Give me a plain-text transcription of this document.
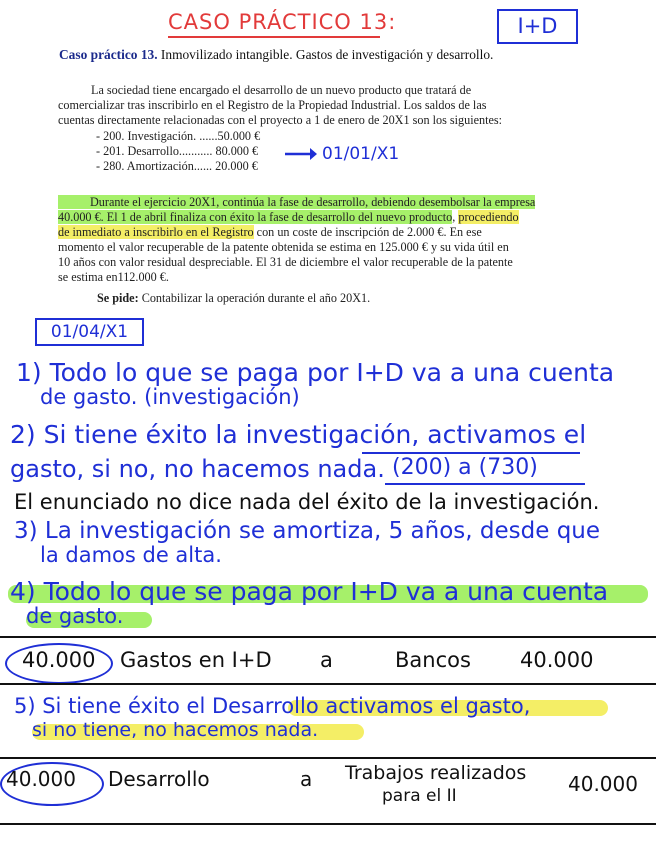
CASO PRÁCTICO 13:	I+D
Caso práctico 13. Inmovilizado intangible. Gastos de investigación y desarrollo.
La sociedad tiene encargado el desarrollo de un nuevo producto que tratará de
comercializar tras inscribirlo en el Registro de la Propiedad Industrial. Los saldos de las
cuentas directamente relacionadas con el proyecto a 1 de enero de 20X1 son los siguientes:
- 200. Investigación. ......50.000 €
- 201. Desarrollo........... 80.000 €
- 280. Amortización...... 20.000 €
01/01/X1
Durante el ejercicio 20X1, continúa la fase de desarrollo, debiendo desembolsar la empresa
40.000 €. El 1 de abril finaliza con éxito la fase de desarrollo del nuevo producto, procediendo
de inmediato a inscribirlo en el Registro con un coste de inscripción de 2.000 €. En ese
momento el valor recuperable de la patente obtenida se estima en 125.000 € y su vida útil en
10 años con valor residual despreciable. El 31 de diciembre el valor recuperable de la patente
se estima en112.000 €.
Se pide: Contabilizar la operación durante el año 20X1.
01/04/X1
1) Todo lo que se paga por I+D va a una cuenta
de gasto. (investigación)
2) Si tiene éxito la investigación, activamos el
gasto, si no, no hacemos nada. (200) a (730)
El enunciado no dice nada del éxito de la investigación.
3) La investigación se amortiza, 5 años, desde que
la damos de alta.
4) Todo lo que se paga por I+D va a una cuenta
de gasto.
40.000 Gastos en I+D a	Bancos 40.000
5) Si tiene éxito el Desarrollo activamos el gasto,
si no tiene, no hacemos nada.
40.000 Desarrollo	a Trabajos realizados
para el II	40.000
